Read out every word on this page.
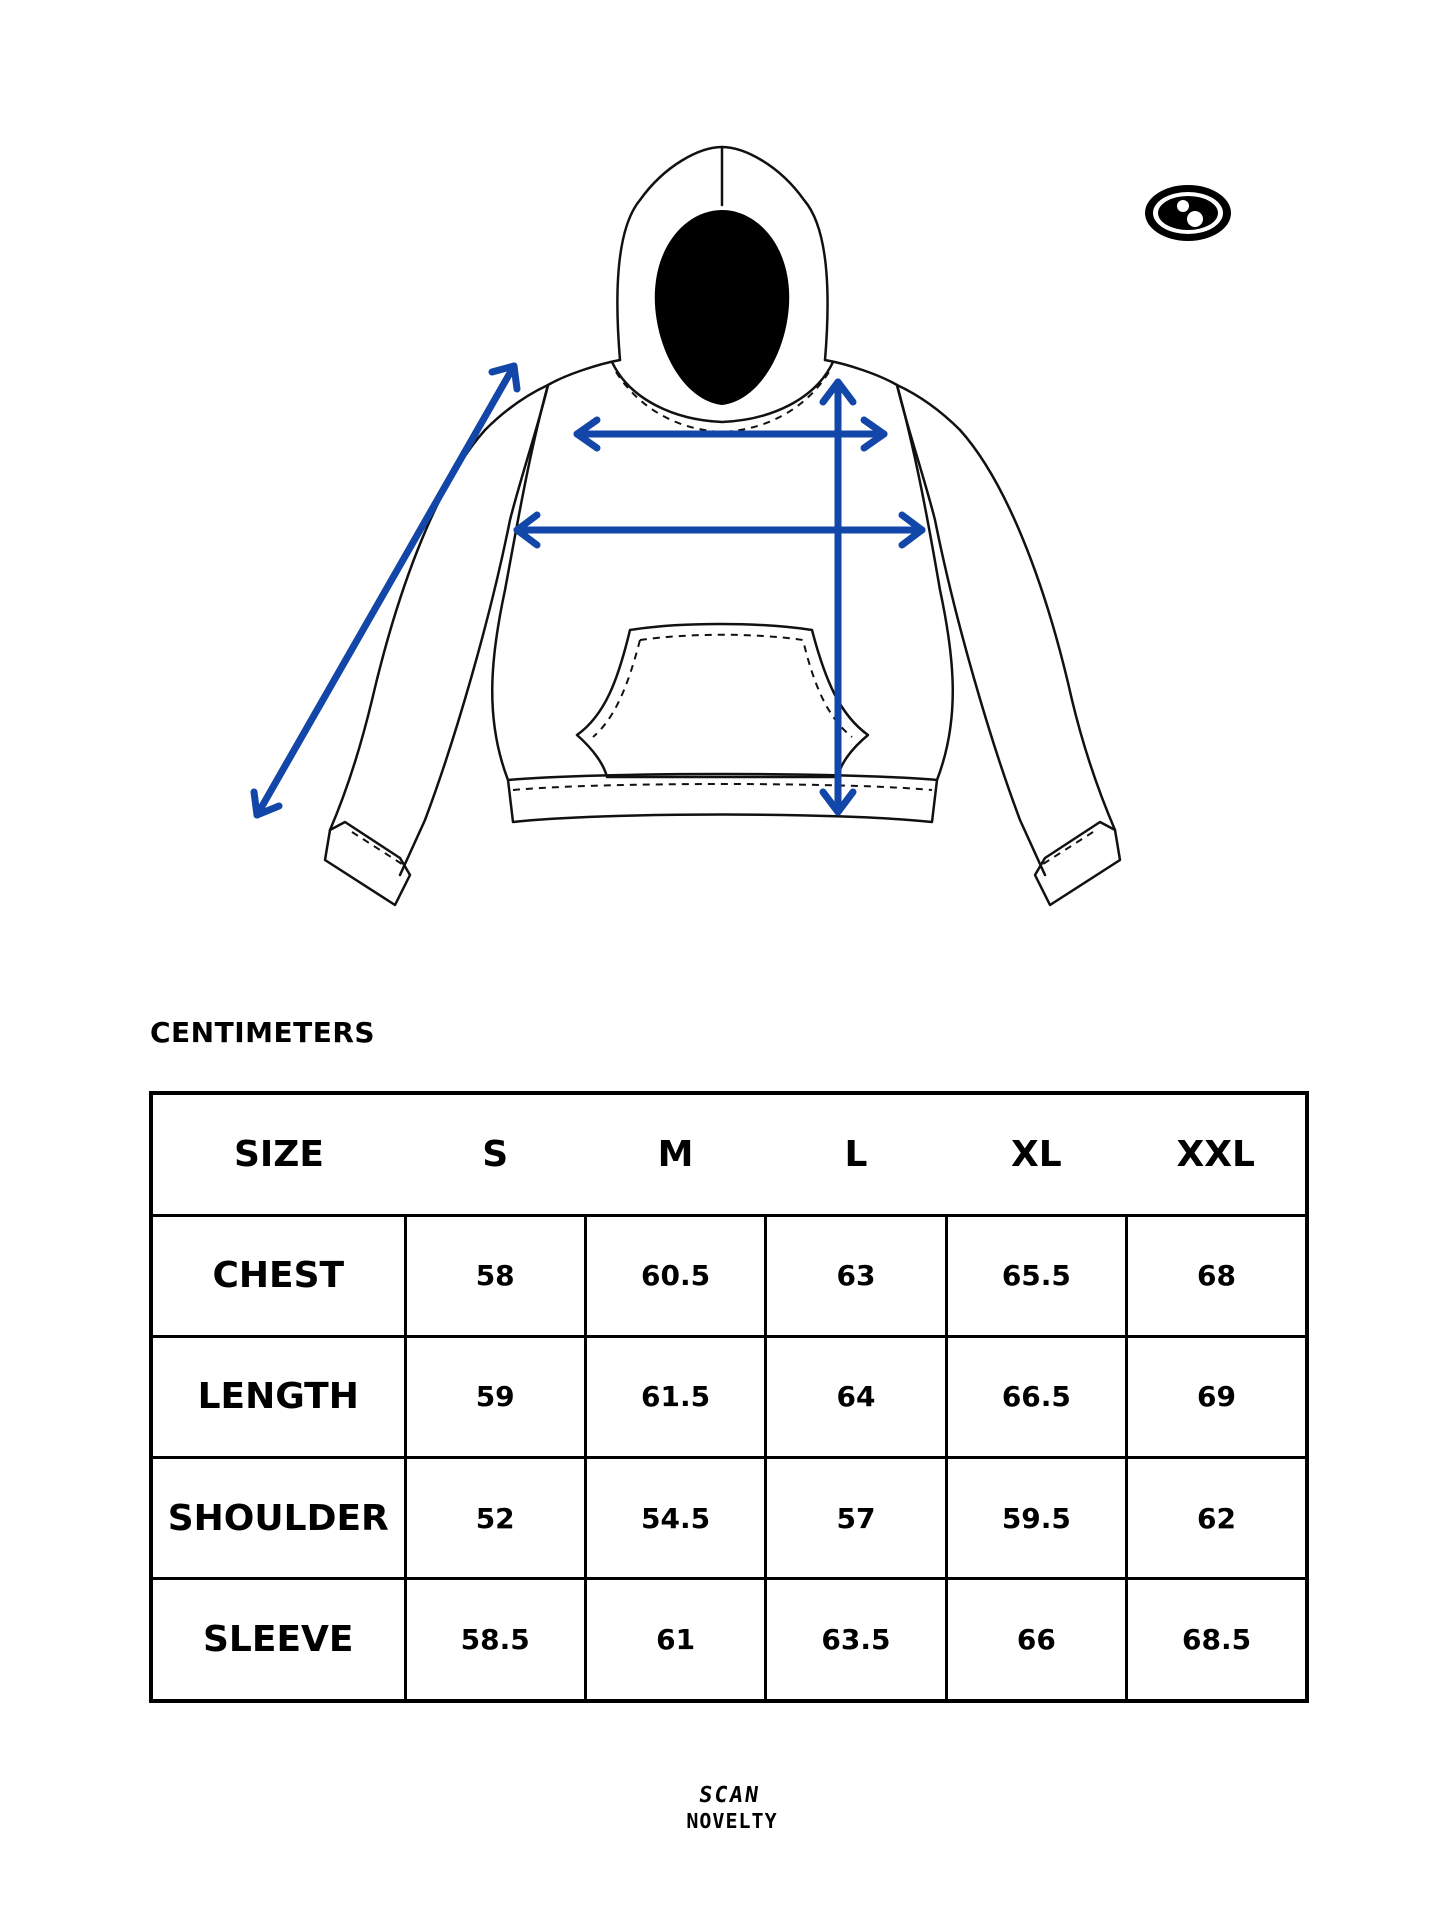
CENTIMETERS
SIZE	S	M	L	XL	XXL
CHEST	58	60.5	63	65.5	68
LENGTH	59	61.5	64	66.5	69
SHOULDER	52	54.5	57	59.5	62
SLEEVE	58.5	61	63.5	66	68.5
SCAN
NOVELTY
